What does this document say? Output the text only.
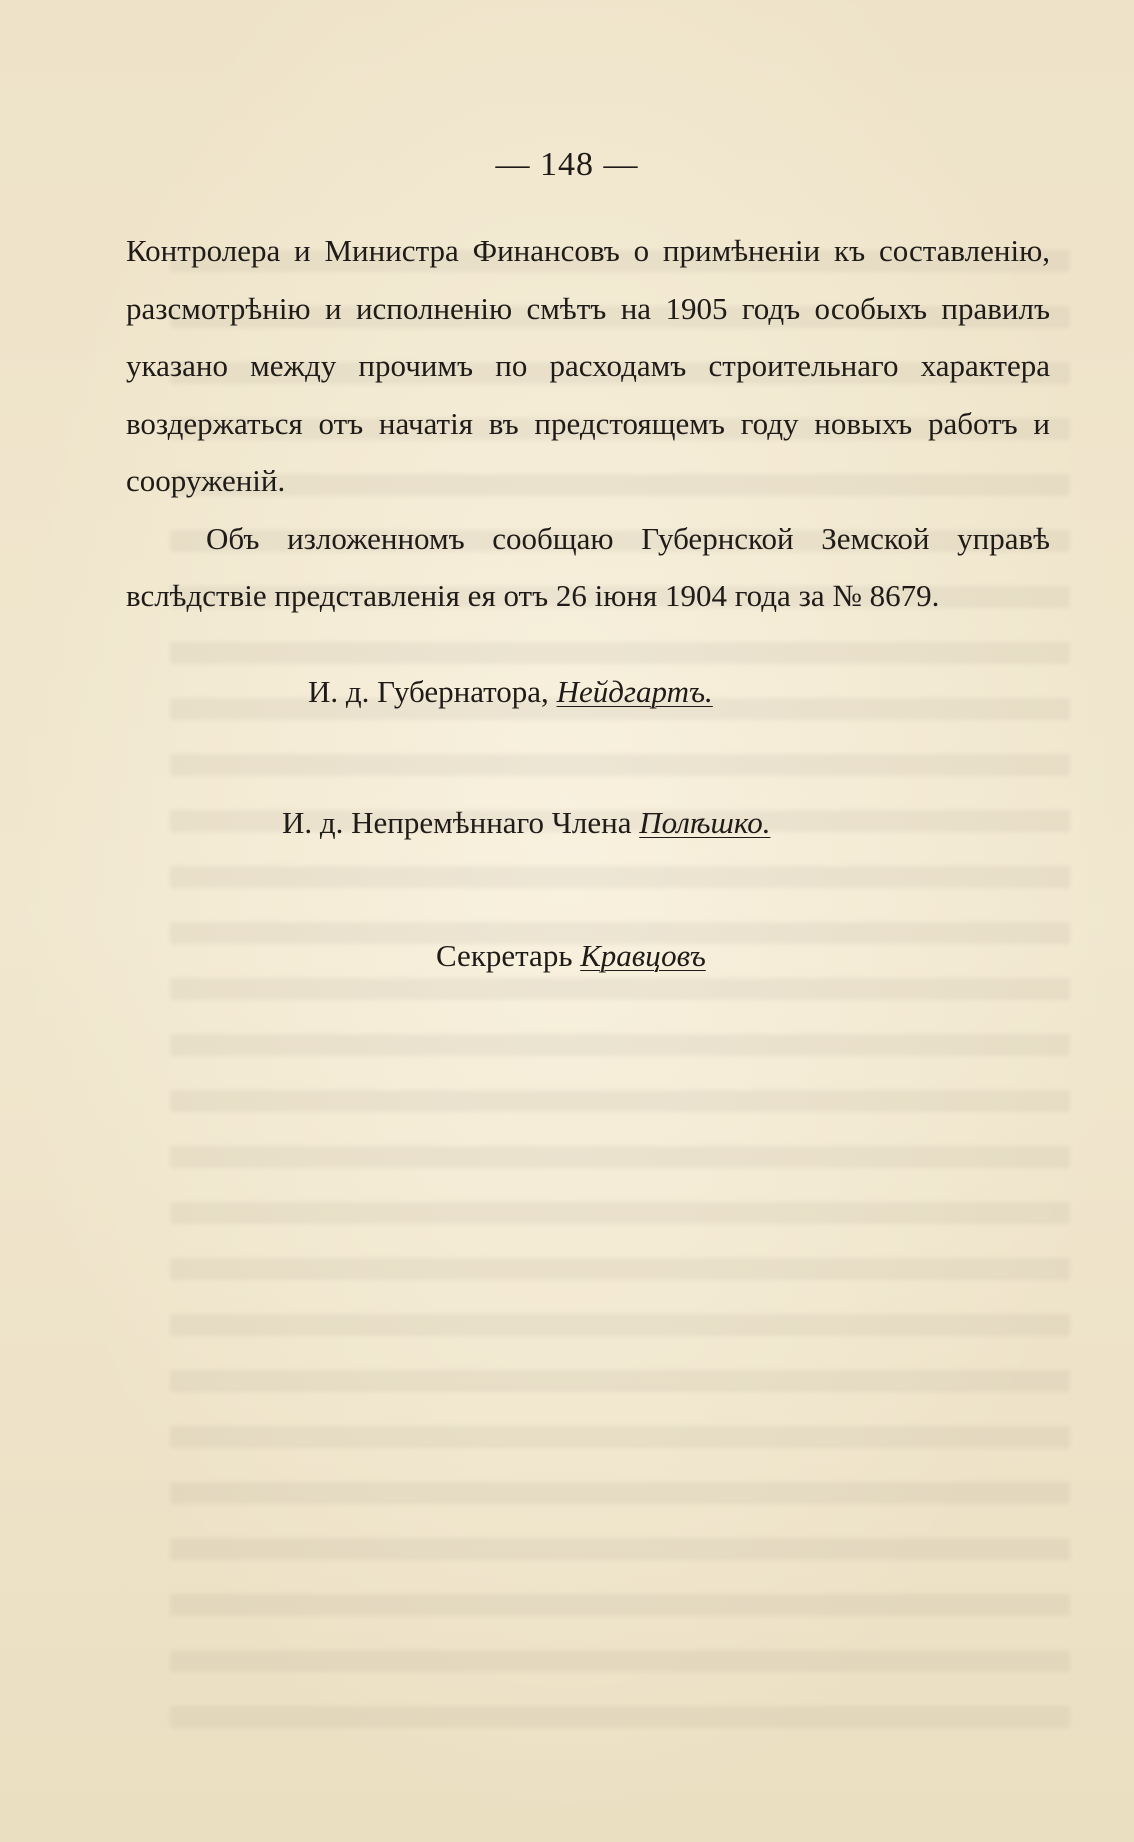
— 148 —

Контролера и Министра Финансовъ о примѣненіи къ составленію, разсмотрѣнію и исполненію смѣтъ на 1905 годъ особыхъ правилъ указано между прочимъ по расходамъ строительнаго характера воздержаться отъ начатія въ предстоящемъ году новыхъ работъ и сооруженій.

Объ изложенномъ сообщаю Губернской Земской управѣ вслѣдствіе представленія ея отъ 26 іюня 1904 года за № 8679.

И. д. Губернатора, Нейдгартъ.
И. д. Непремѣннаго Члена Полѣшко.
Секретарь Кравцовъ
